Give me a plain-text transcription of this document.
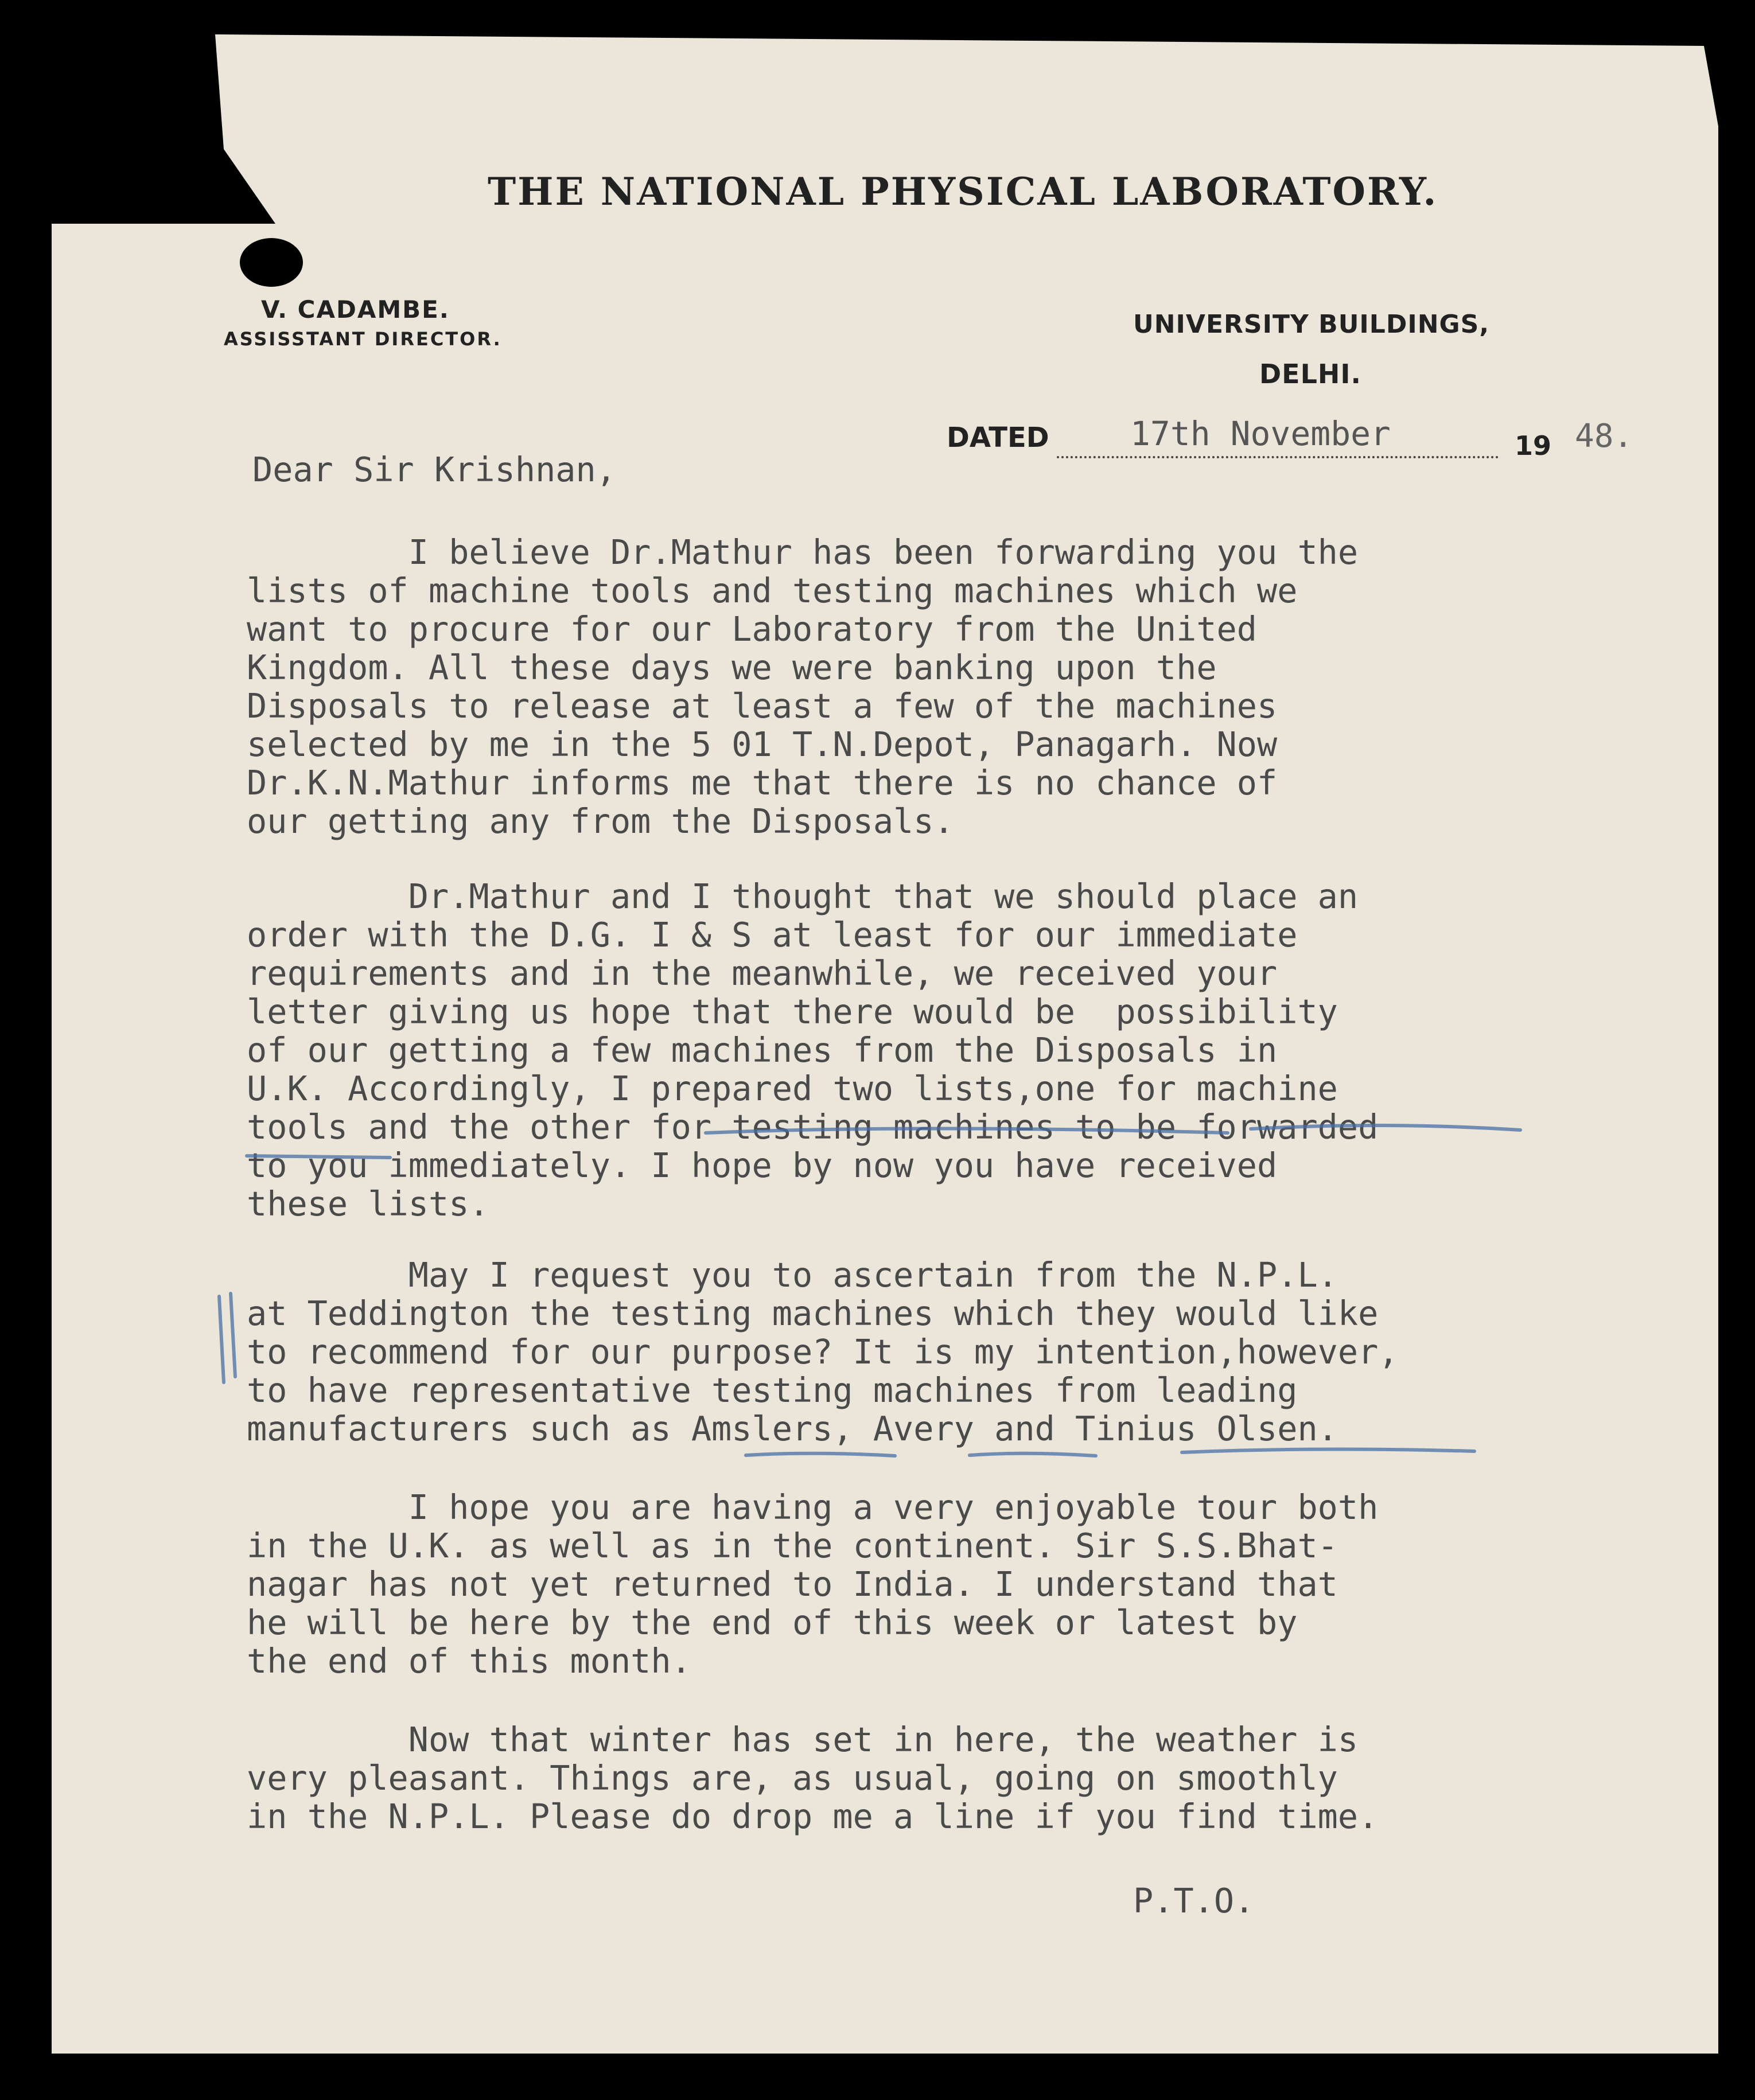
THE NATIONAL PHYSICAL LABORATORY.
V. CADAMBE.
ASSISSTANT DIRECTOR.	UNIVERSITY BUILDINGS,
DELHI.
DATED 17th November	19 48.
Dear Sir Krishnan,
I believe Dr.Mathur has been forwarding you the
lists of machine tools and testing machines which we
want to procure for our Laboratory from the United
Kingdom. All these days we were banking upon the
Disposals to release at least a few of the machines
selected by me in the 5 01 T.N.Depot, Panagarh. Now
Dr.K.N.Mathur informs me that there is no chance of
our getting any from the Disposals.
Dr.Mathur and I thought that we should place an
order with the D.G. I & S at least for our immediate
requirements and in the meanwhile, we received your
letter giving us hope that there would be  possibility
of our getting a few machines from the Disposals in
U.K. Accordingly, I prepared two lists,one for machine
tools and the other for testing machines to be forwarded
to you immediately. I hope by now you have received
these lists.
May I request you to ascertain from the N.P.L.
at Teddington the testing machines which they would like
to recommend for our purpose? It is my intention,however,
to have representative testing machines from leading
manufacturers such as Amslers, Avery and Tinius Olsen.
I hope you are having a very enjoyable tour both
in the U.K. as well as in the continent. Sir S.S.Bhat-
nagar has not yet returned to India. I understand that
he will be here by the end of this week or latest by
the end of this month.
Now that winter has set in here, the weather is
very pleasant. Things are, as usual, going on smoothly
in the N.P.L. Please do drop me a line if you find time.
P.T.O.
